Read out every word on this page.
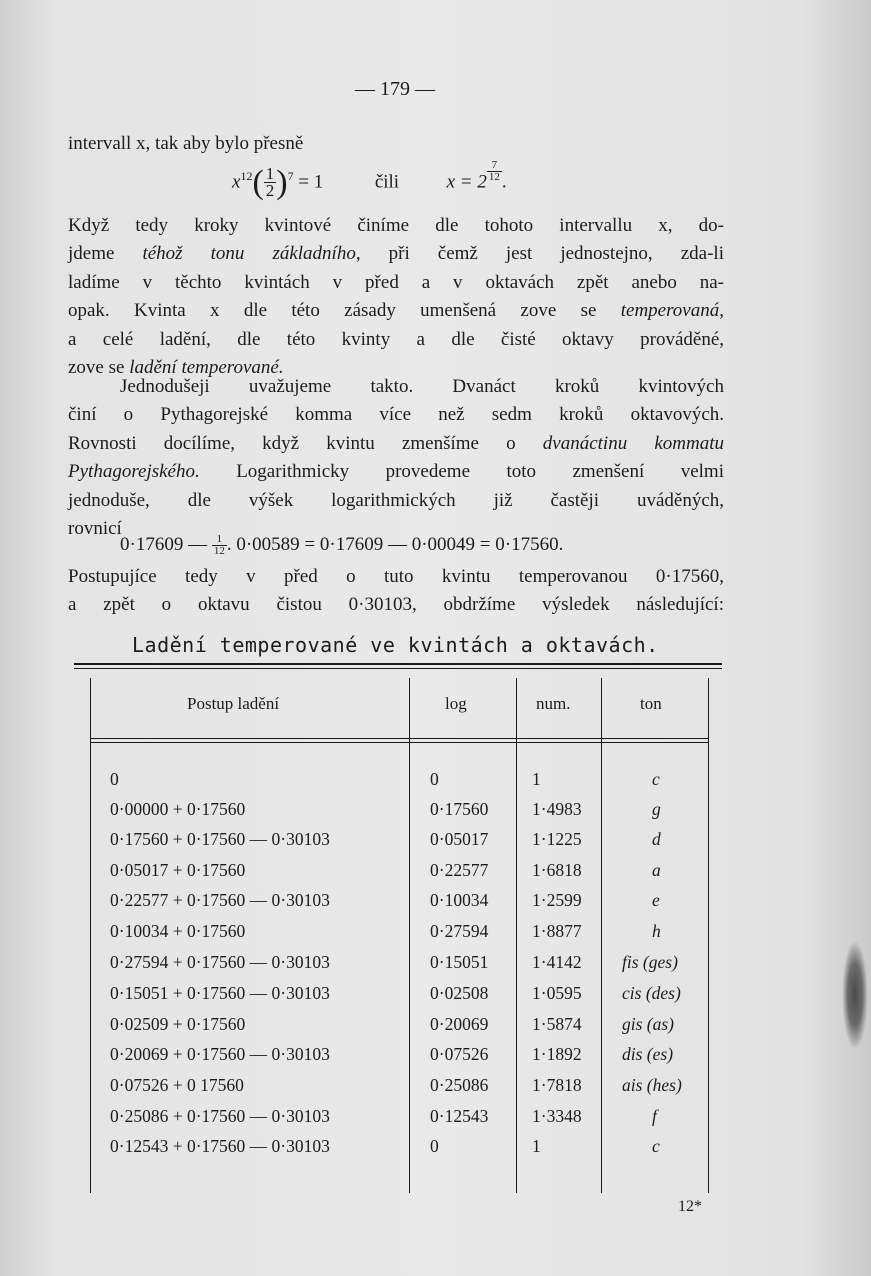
— 179 —
intervall x, tak aby bylo přesně
$x^{12}( \frac{1}{2} )^7 = 1$	čili	$x = 2 \frac{7}{12}$ .
Když tedy kroky kvintové činíme dle tohoto intervallu x, do-
jdeme téhož tonu základního, při čemž jest jednostejno, zda-li
ladíme v těchto kvintách v před a v oktavách zpět anebo na-
opak. Kvinta x dle této zásady umenšená zove se temperovaná,
a celé ladění, dle této kvinty a dle čisté oktavy prováděné,
zove se ladění temperované.
Jednodušeji uvažujeme takto. Dvanáct kroků kvintových
činí o Pythagorejské komma více než sedm kroků oktavových.
Rovnosti docílíme, když kvintu zmenšíme o dvanáctinu kommatu
Pythagorejského. Logarithmicky provedeme toto zmenšení velmi
jednoduše, dle výšek logarithmických již častěji uváděných,
rovnicí
0·17609 — $\frac{1}{12}$ . 0·00589 = 0·17609 — 0·00049 = 0·17560.
Postupujíce tedy v před o tuto kvintu temperovanou 0·17560,
a zpět o oktavu čistou 0·30103, obdržíme výsledek následující:
Ladění temperované ve kvintách a oktavách.
Postup ladění	log	num.	ton
0	0	1	c
0·00000 + 0·17560	0·17560 1·4983	g
0·17560 + 0·17560 — 0·30103	0·05017 1·1225	d
0·05017 + 0·17560	0·22577 1·6818	a
0·22577 + 0·17560 — 0·30103	0·10034 1·2599	e
0·10034 + 0·17560	0·27594 1·8877	h
0·27594 + 0·17560 — 0·30103	0·15051 1·4142 fis (ges)
0·15051 + 0·17560 — 0·30103	0·02508 1·0595 cis (des)
0·02509 + 0·17560	0·20069 1·5874 gis (as)
0·20069 + 0·17560 — 0·30103	0·07526 1·1892 dis (es)
0·07526 + 0 17560	0·25086 1·7818 ais (hes)
0·25086 + 0·17560 — 0·30103	0·12543 1·3348	f
0·12543 + 0·17560 — 0·30103	0	1	c
12*
